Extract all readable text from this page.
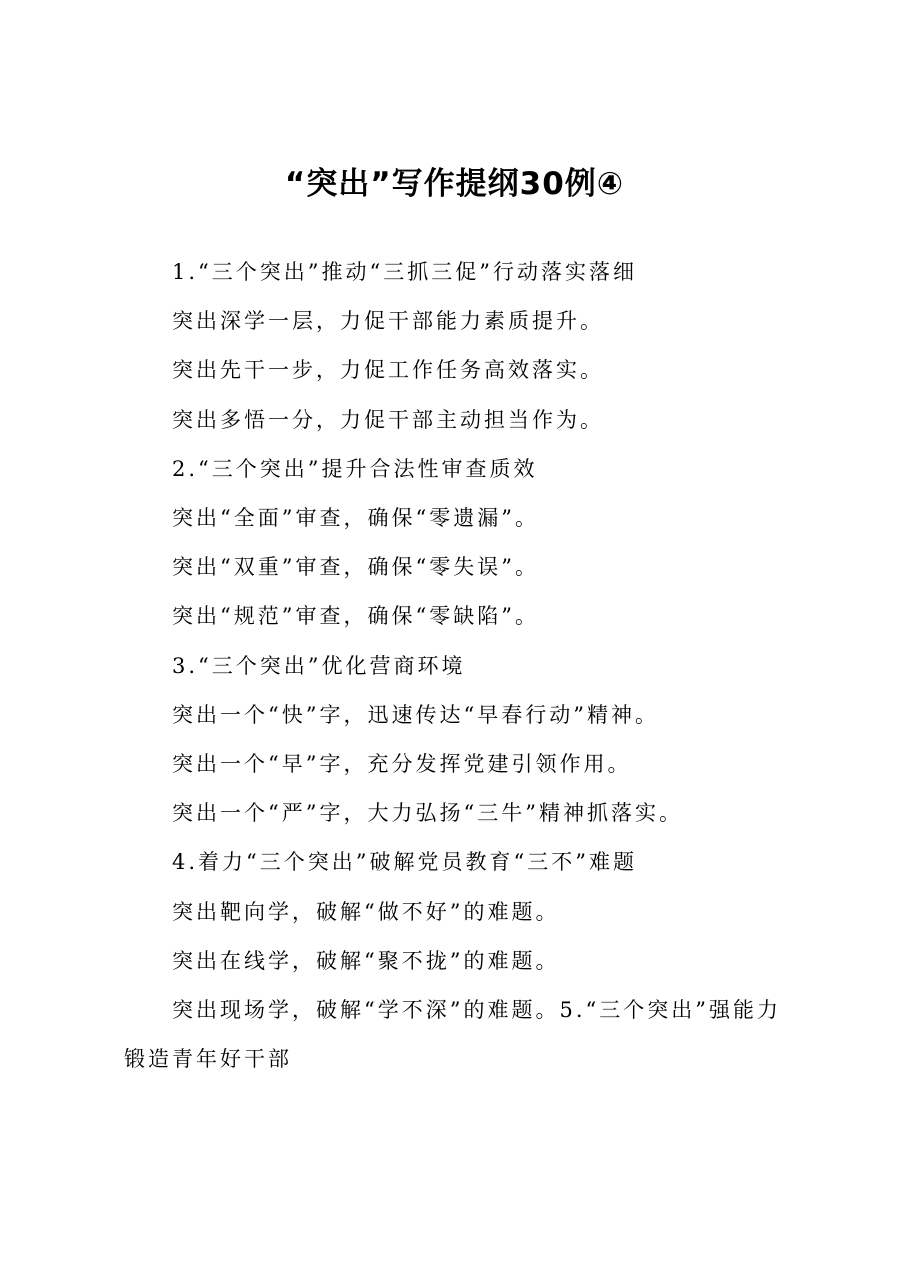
“突出”写作提纲30例④

1.“三个突出”推动“三抓三促”行动落实落细

突出深学一层，力促干部能力素质提升。

突出先干一步，力促工作任务高效落实。

突出多悟一分，力促干部主动担当作为。

2.“三个突出”提升合法性审查质效

突出“全面”审查，确保“零遗漏”。

突出“双重”审查，确保“零失误”。

突出“规范”审查，确保“零缺陷”。

3.“三个突出”优化营商环境

突出一个“快”字，迅速传达“早春行动”精神。

突出一个“早”字，充分发挥党建引领作用。

突出一个“严”字，大力弘扬“三牛”精神抓落实。

4.着力“三个突出”破解党员教育“三不”难题

突出靶向学，破解“做不好”的难题。

突出在线学，破解“聚不拢”的难题。

突出现场学，破解“学不深”的难题。5.“三个突出”强能力锻造青年好干部
